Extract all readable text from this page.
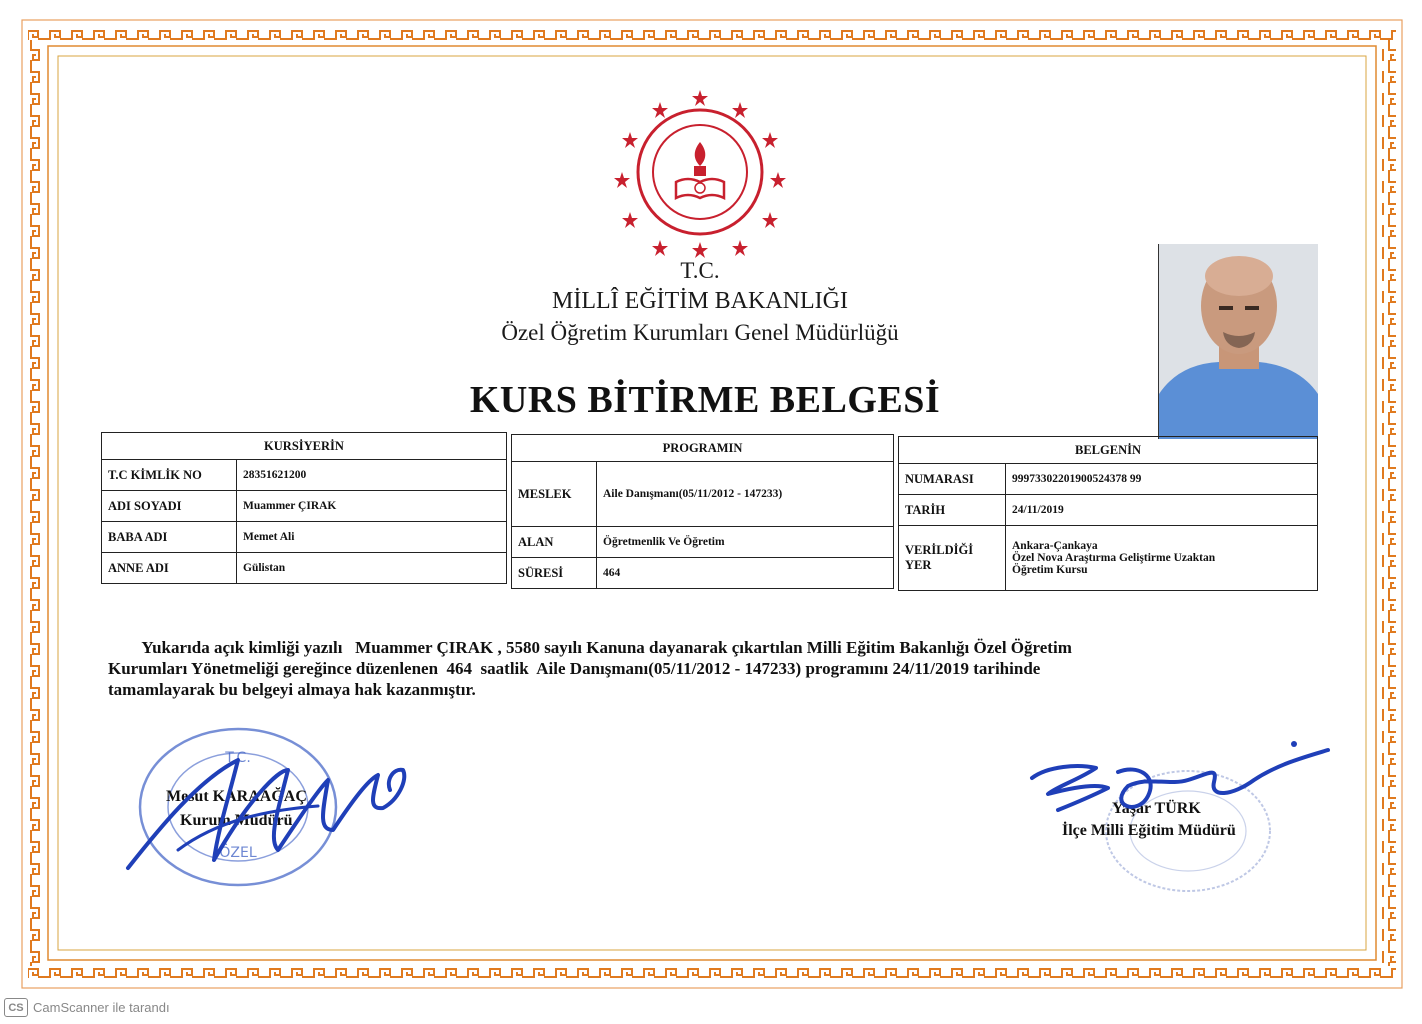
T.C.
MİLLÎ EĞİTİM BAKANLIĞI
Özel Öğretim Kurumları Genel Müdürlüğü
KURS BİTİRME BELGESİ
KURSİYERİN	
T.C KİMLİK NO	28351621200
ADI SOYADI	Muammer ÇIRAK
BABA ADI	Memet Ali
ANNE ADI	Gülistan
PROGRAMIN	
MESLEK	Aile Danışmanı(05/11/2012 - 147233)
ALAN	Öğretmenlik Ve Öğretim
SÜRESİ	464
BELGENİN	
NUMARASI	99973302201900524378 99
TARİH	24/11/2019
VERİLDİĞİ YER	Ankara-Çankaya
Özel Nova Araştırma Geliştirme Uzaktan
Öğretim Kursu
Yukarıda açık kimliği yazılı   Muammer ÇIRAK , 5580 sayılı Kanuna dayanarak çıkartılan Milli Eğitim Bakanlığı Özel Öğretim
Kurumları Yönetmeliği gereğince düzenlenen  464  saatlik  Aile Danışmanı(05/11/2012 - 147233) programını 24/11/2019 tarihinde
tamamlayarak bu belgeyi almaya hak kazanmıştır.
T.C.
ÖZEL
Mesut KARAAĞAÇ
Kurum Müdürü
Yaşar TÜRK
İlçe Milli Eğitim Müdürü
CS CamScanner ile tarandı
